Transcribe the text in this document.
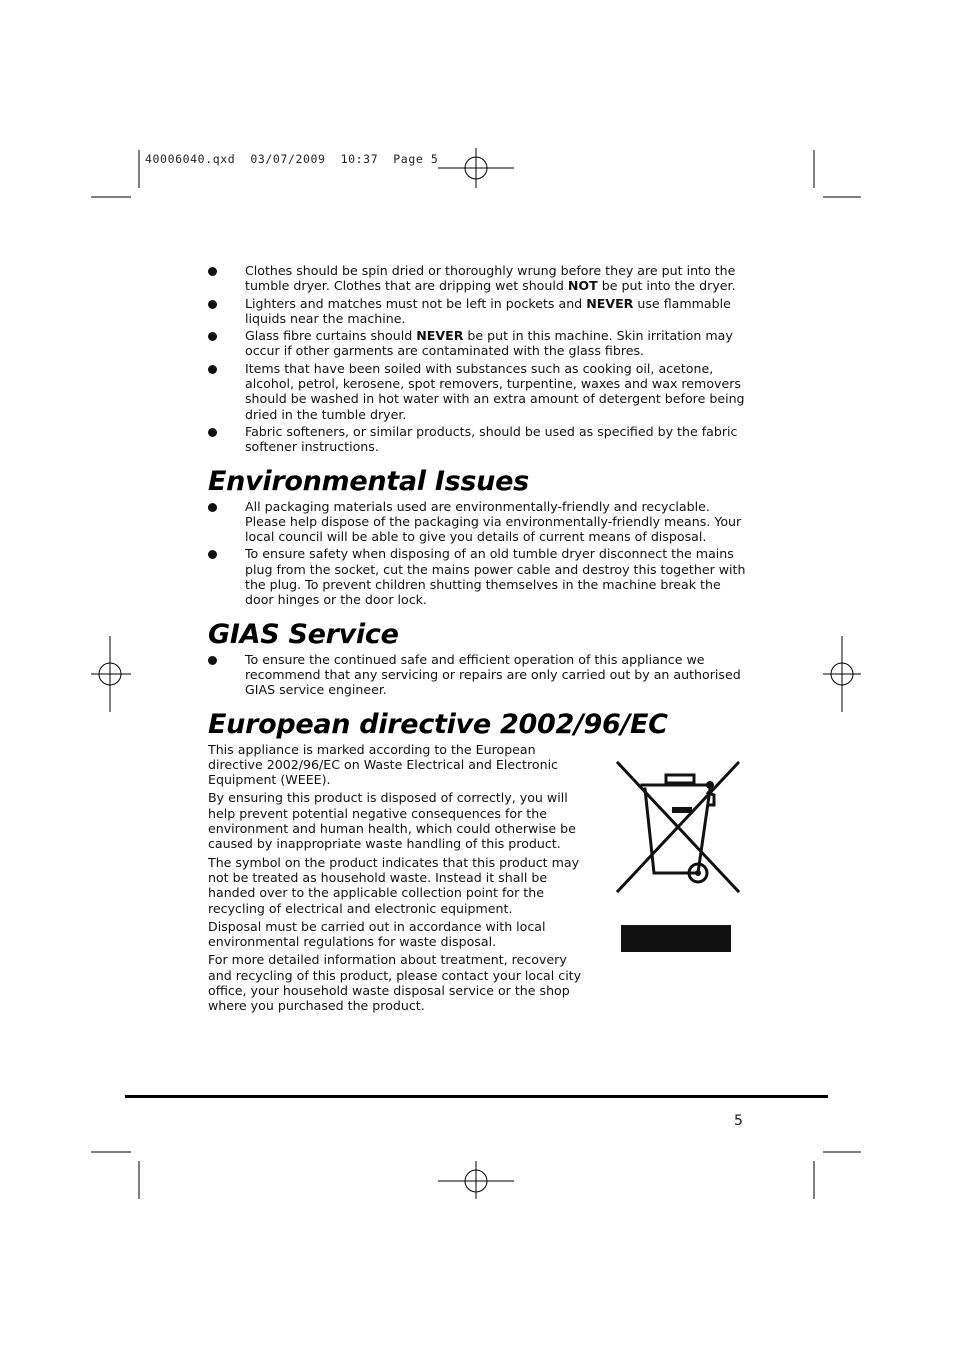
40006040.qxd  03/07/2009  10:37  Page 5
Clothes should be spin dried or thoroughly wrung before they are put into the tumble dryer. Clothes that are dripping wet should NOT be put into the dryer.
Lighters and matches must not be left in pockets and NEVER use flammable liquids near the machine.
Glass fibre curtains should NEVER be put in this machine. Skin irritation may occur if other garments are contaminated with the glass fibres.
Items that have been soiled with substances such as cooking oil, acetone, alcohol, petrol, kerosene, spot removers, turpentine, waxes and wax removers should be washed in hot water with an extra amount of detergent before being dried in the tumble dryer.
Fabric softeners, or similar products, should be used as specified by the fabric softener instructions.
Environmental Issues
All packaging materials used are environmentally-friendly and recyclable. Please help dispose of the packaging via environmentally-friendly means. Your local council will be able to give you details of current means of disposal.
To ensure safety when disposing of an old tumble dryer disconnect the mains plug from the socket, cut the mains power cable and destroy this together with the plug. To prevent children shutting themselves in the machine break the door hinges or the door lock.
GIAS Service
To ensure the continued safe and efficient operation of this appliance we recommend that any servicing or repairs are only carried out by an authorised GIAS service engineer.
European directive 2002/96/EC

This appliance is marked according to the European directive 2002/96/EC on Waste Electrical and Electronic Equipment (WEEE).

By ensuring this product is disposed of correctly, you will help prevent potential negative consequences for the environment and human health, which could otherwise be caused by inappropriate waste handling of this product.

The symbol on the product indicates that this product may not be treated as household waste. Instead it shall be handed over to the applicable collection point for the recycling of electrical and electronic equipment.

Disposal must be carried out in accordance with local environmental regulations for waste disposal.

For more detailed information about treatment, recovery and recycling of this product, please contact your local city office, your household waste disposal service or the shop where you purchased the product.

5
